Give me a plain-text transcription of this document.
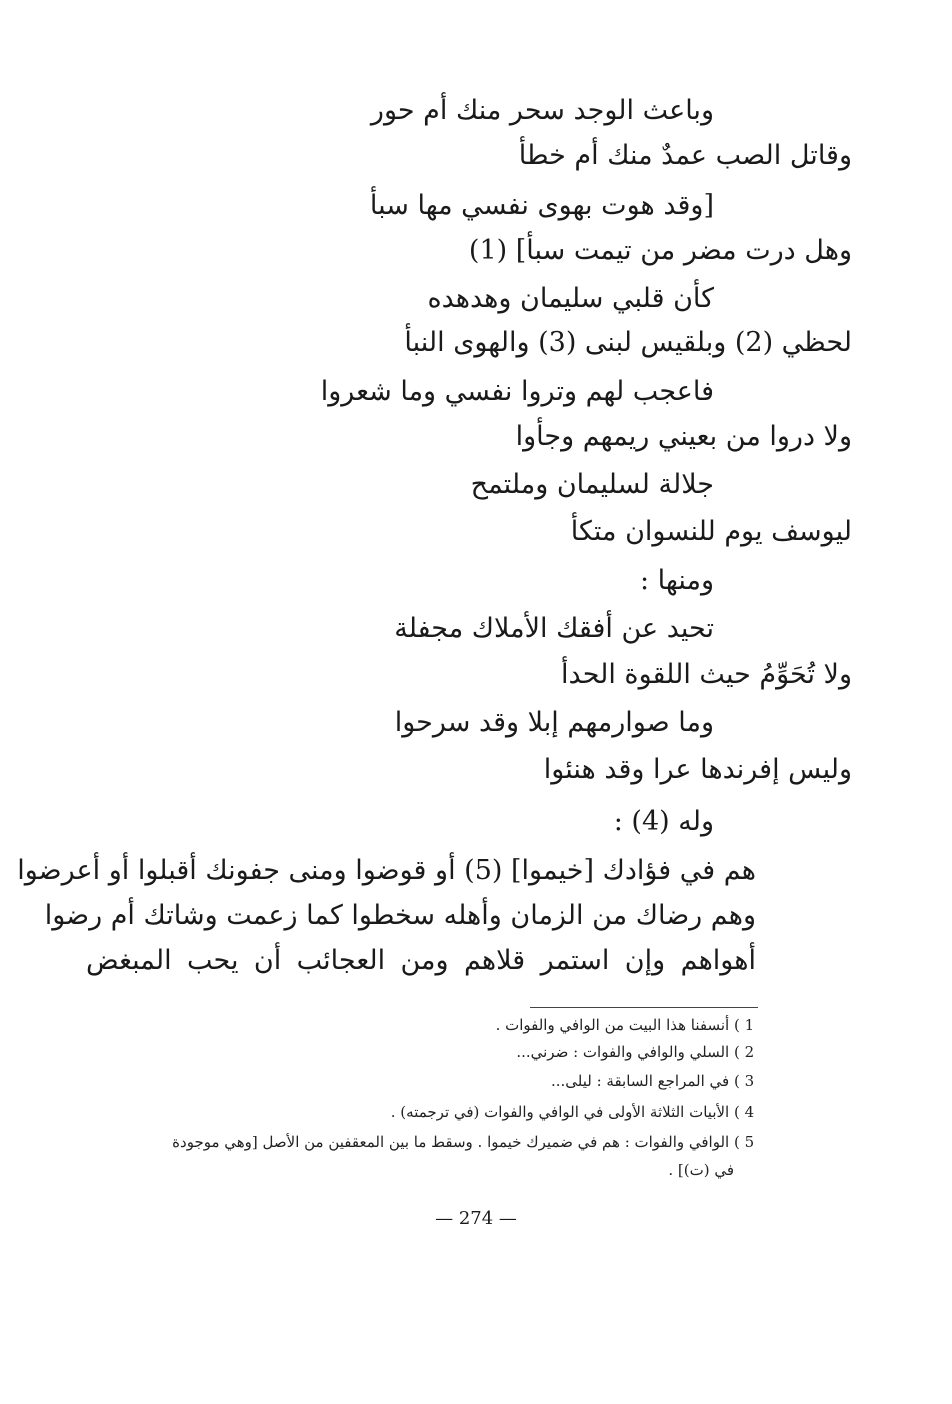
وباعث الوجد سحر منك أم حور
وقاتل الصب عمدٌ منك أم خطأ
[وقد هوت بهوى نفسي مها سبأ
وهل درت مضر من تيمت سبأ] (1)
كأن قلبي سليمان وهدهده
لحظي (2) وبلقيس لبنى (3) والهوى النبأ
فاعجب لهم وتروا نفسي وما شعروا
ولا دروا من بعيني ريمهم وجأوا
جلالة لسليمان وملتمح
ليوسف يوم للنسوان متكأ
ومنها :
تحيد عن أفقك الأملاك مجفلة
ولا تُحَوِّمُ حيث اللقوة الحدأ
وما صوارمهم إبلا وقد سرحوا
وليس إفرندها عرا وقد هنئوا
وله (4) :
هم في فؤادك [خيموا] (5) أو قوضوا ومنى جفونك أقبلوا أو أعرضوا
وهم رضاك من الزمان وأهله سخطوا كما زعمت وشاتك أم رضوا
أهواهم وإن استمر قلاهم ومن العجائب أن يحب المبغض
1 ) أنسفنا هذا البيت من الوافي والفوات .
2 ) السلي والوافي والفوات : ضرني...
3 ) في المراجع السابقة : ليلى...
4 ) الأبيات الثلاثة الأولى في الوافي والفوات (في ترجمته) .
5 ) الوافي والفوات : هم في ضميرك خيموا . وسقط ما بين المعقفين من الأصل [وهي موجودة
في (ت)] .
— 274 —
